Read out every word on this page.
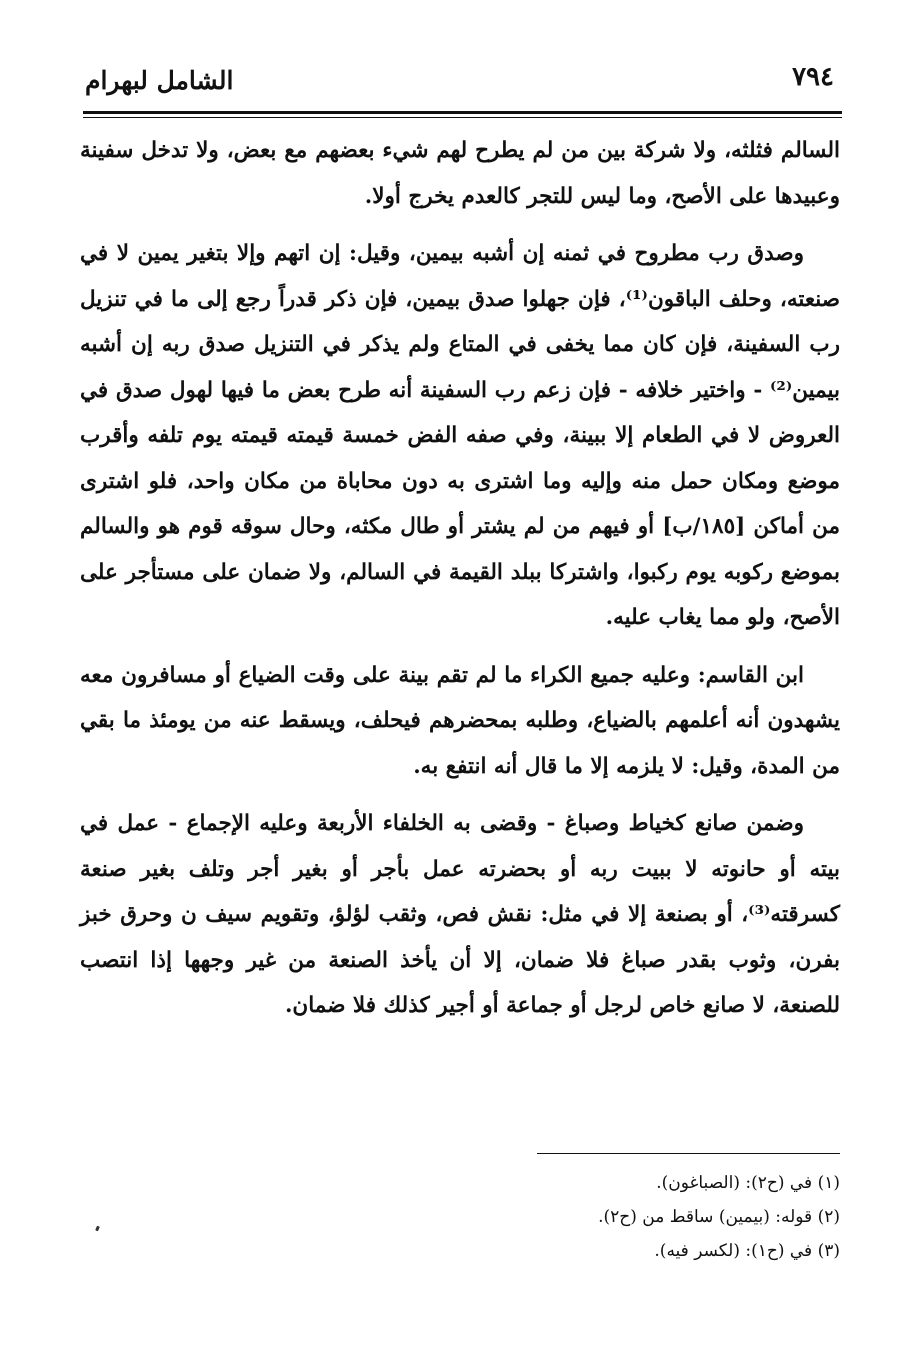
الشامل لبهرام	٧٩٤

السالم فثلثه، ولا شركة بين من لم يطرح لهم شيء بعضهم مع بعض، ولا تدخل سفينة وعبيدها على الأصح، وما ليس للتجر كالعدم يخرج أولا.

وصدق رب مطروح في ثمنه إن أشبه بيمين، وقيل: إن اتهم وإلا بتغير يمين لا في صنعته، وحلف الباقون⁽¹⁾، فإن جهلوا صدق بيمين، فإن ذكر قدراً رجع إلى ما في تنزيل رب السفينة، فإن كان مما يخفى في المتاع ولم يذكر في التنزيل صدق ربه إن أشبه بيمين⁽²⁾ - واختير خلافه - فإن زعم رب السفينة أنه طرح بعض ما فيها لهول صدق في العروض لا في الطعام إلا ببينة، وفي صفه الفض خمسة قيمته قيمته يوم تلفه وأقرب موضع ومكان حمل منه وإليه وما اشترى به دون محاباة من مكان واحد، فلو اشترى من أماكن [١٨٥/ب] أو فيهم من لم يشتر أو طال مكثه، وحال سوقه قوم هو والسالم بموضع ركوبه يوم ركبوا، واشتركا ببلد القيمة في السالم، ولا ضمان على مستأجر على الأصح، ولو مما يغاب عليه.

ابن القاسم: وعليه جميع الكراء ما لم تقم بينة على وقت الضياع أو مسافرون معه يشهدون أنه أعلمهم بالضياع، وطلبه بمحضرهم فيحلف، ويسقط عنه من يومئذ ما بقي من المدة، وقيل: لا يلزمه إلا ما قال أنه انتفع به.

وضمن صانع كخياط وصباغ - وقضى به الخلفاء الأربعة وعليه الإجماع - عمل في بيته أو حانوته لا ببيت ربه أو بحضرته عمل بأجر أو بغير أجر وتلف بغير صنعة كسرقته⁽³⁾، أو بصنعة إلا في مثل: نقش فص، وثقب لؤلؤ، وتقويم سيف ن وحرق خبز بفرن، وثوب بقدر صباغ فلا ضمان، إلا أن يأخذ الصنعة من غير وجهها إذا انتصب للصنعة، لا صانع خاص لرجل أو جماعة أو أجير كذلك فلا ضمان.

(١) في (ح٢): (الصباغون).

(٢) قوله: (بيمين) ساقط من (ح٢).

(٣) في (ح١): (لكسر فيه).
